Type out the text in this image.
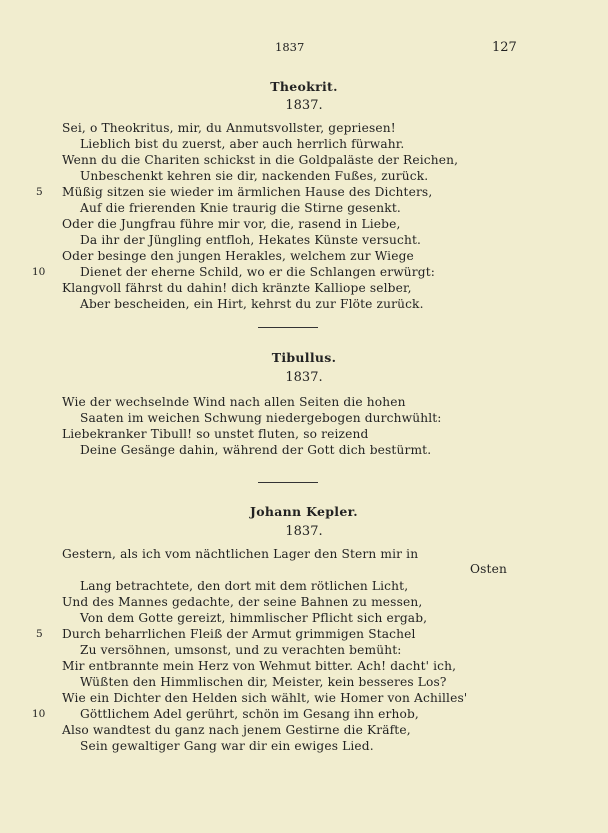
1837	127
Theokrit.
1837.
Sei, o Theokritus, mir, du Anmutsvollster, gepriesen!
Lieblich bist du zuerst, aber auch herrlich fürwahr.
Wenn du die Chariten schickst in die Goldpaläste der Reichen,
Unbeschenkt kehren sie dir, nackenden Fußes, zurück.
5 Müßig sitzen sie wieder im ärmlichen Hause des Dichters,
Auf die frierenden Knie traurig die Stirne gesenkt.
Oder die Jungfrau führe mir vor, die, rasend in Liebe,
Da ihr der Jüngling entfloh, Hekates Künste versucht.
Oder besinge den jungen Herakles, welchem zur Wiege
10	Dienet der eherne Schild, wo er die Schlangen erwürgt:
Klangvoll fährst du dahin! dich kränzte Kalliope selber,
Aber bescheiden, ein Hirt, kehrst du zur Flöte zurück.
Tibullus.
1837.
Wie der wechselnde Wind nach allen Seiten die hohen
Saaten im weichen Schwung niedergebogen durchwühlt:
Liebekranker Tibull! so unstet fluten, so reizend
Deine Gesänge dahin, während der Gott dich bestürmt.
Johann Kepler.
1837.
Gestern, als ich vom nächtlichen Lager den Stern mir in
Osten
Lang betrachtete, den dort mit dem rötlichen Licht,
Und des Mannes gedachte, der seine Bahnen zu messen,
Von dem Gotte gereizt, himmlischer Pflicht sich ergab,
5 Durch beharrlichen Fleiß der Armut grimmigen Stachel
Zu versöhnen, umsonst, und zu verachten bemüht:
Mir entbrannte mein Herz von Wehmut bitter. Ach! dacht' ich,
Wüßten den Himmlischen dir, Meister, kein besseres Los?
Wie ein Dichter den Helden sich wählt, wie Homer von Achilles'
10	Göttlichem Adel gerührt, schön im Gesang ihn erhob,
Also wandtest du ganz nach jenem Gestirne die Kräfte,
Sein gewaltiger Gang war dir ein ewiges Lied.
